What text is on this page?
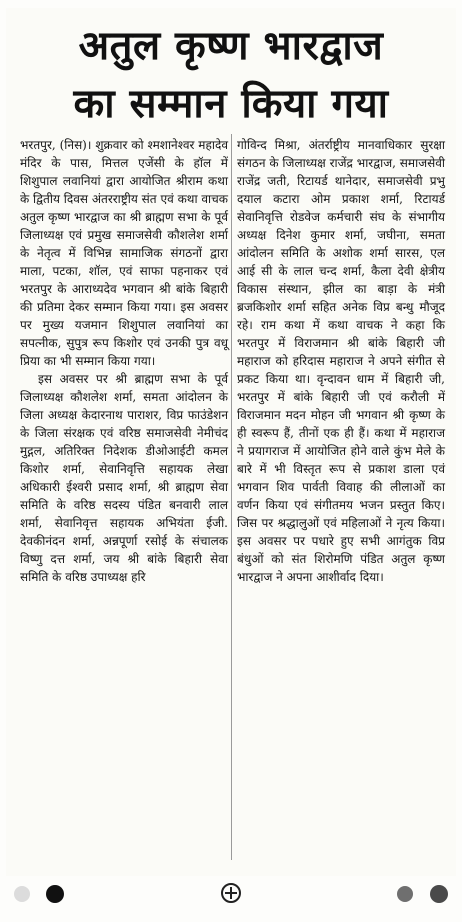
अतुल कृष्ण भारद्वाज
का सम्मान किया गया

भरतपुर, (निस)। शुक्रवार को श्मशानेश्वर महादेव मंदिर के पास, मित्तल एजेंसी के हॉल में शिशुपाल लवानियां द्वारा आयोजित श्रीराम कथा के द्वितीय दिवस अंतरराष्ट्रीय संत एवं कथा वाचक अतुल कृष्ण भारद्वाज का श्री ब्राह्मण सभा के पूर्व जिलाध्यक्ष एवं प्रमुख समाजसेवी कौशलेश शर्मा के नेतृत्व में विभिन्न सामाजिक संगठनों द्वारा माला, पटका, शॉल, एवं साफा पहनाकर एवं भरतपुर के आराध्यदेव भगवान श्री बांके बिहारी की प्रतिमा देकर सम्मान किया गया। इस अवसर पर मुख्य यजमान शिशुपाल लवानियां का सपत्नीक, सुपुत्र रूप किशोर एवं उनकी पुत्र वधू प्रिया का भी सम्मान किया गया।

इस अवसर पर श्री ब्राह्मण सभा के पूर्व जिलाध्यक्ष कौशलेश शर्मा, समता आंदोलन के जिला अध्यक्ष केदारनाथ पाराशर, विप्र फाउंडेशन के जिला संरक्षक एवं वरिष्ठ समाजसेवी नेमीचंद मुद्गल, अतिरिक्त निदेशक डीओआईटी कमल किशोर शर्मा, सेवानिवृत्ति सहायक लेखा अधिकारी ईश्वरी प्रसाद शर्मा, श्री ब्राह्मण सेवा समिति के वरिष्ठ सदस्य पंडित बनवारी लाल शर्मा, सेवानिवृत्त सहायक अभियंता ईजी. देवकीनंदन शर्मा, अन्नपूर्णा रसोई के संचालक विष्णु दत्त शर्मा, जय श्री बांके बिहारी सेवा समिति के वरिष्ठ उपाध्यक्ष हरि

गोविन्द मिश्रा, अंतर्राष्ट्रीय मानवाधिकार सुरक्षा संगठन के जिलाध्यक्ष राजेंद्र भारद्वाज, समाजसेवी राजेंद्र जती, रिटायर्ड थानेदार, समाजसेवी प्रभु दयाल कटारा ओम प्रकाश शर्मा, रिटायर्ड सेवानिवृत्ति रोडवेज कर्मचारी संघ के संभागीय अध्यक्ष दिनेश कुमार शर्मा, जघीना, समता आंदोलन समिति के अशोक शर्मा सारस, एल आई सी के लाल चन्द शर्मा, कैला देवी क्षेत्रीय विकास संस्थान, झील का बाड़ा के मंत्री ब्रजकिशोर शर्मा सहित अनेक विप्र बन्धु मौजूद रहे। राम कथा में कथा वाचक ने कहा कि भरतपुर में विराजमान श्री बांके बिहारी जी महाराज को हरिदास महाराज ने अपने संगीत से प्रकट किया था। वृन्दावन धाम में बिहारी जी, भरतपुर में बांके बिहारी जी एवं करौली में विराजमान मदन मोहन जी भगवान श्री कृष्ण के ही स्वरूप हैं, तीनों एक ही हैं। कथा में महाराज ने प्रयागराज में आयोजित होने वाले कुंभ मेले के बारे में भी विस्तृत रूप से प्रकाश डाला एवं भगवान शिव पार्वती विवाह की लीलाओं का वर्णन किया एवं संगीतमय भजन प्रस्तुत किए। जिस पर श्रद्धालुओं एवं महिलाओं ने नृत्य किया। इस अवसर पर पधारे हुए सभी आगंतुक विप्र बंधुओं को संत शिरोमणि पंडित अतुल कृष्ण भारद्वाज ने अपना आशीर्वाद दिया।
